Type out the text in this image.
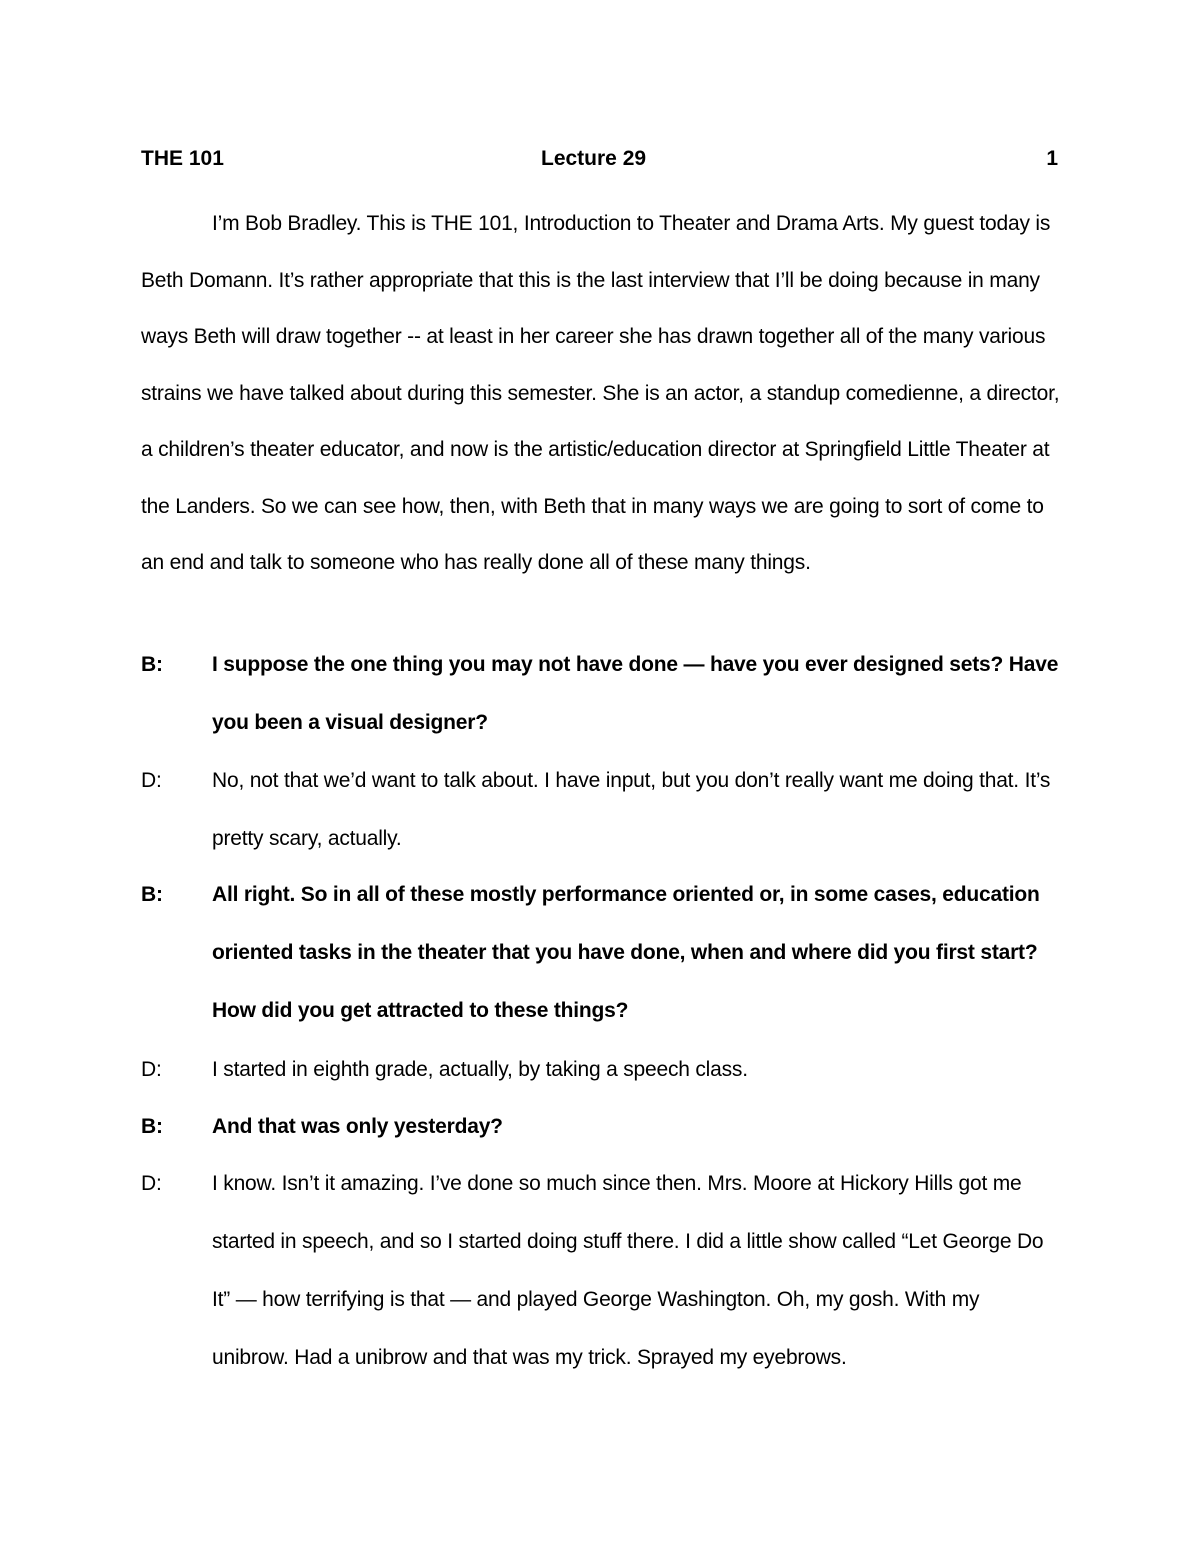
THE 101	Lecture 29	1

I’m Bob Bradley. This is THE 101, Introduction to Theater and Drama Arts. My guest today is Beth Domann. It’s rather appropriate that this is the last interview that I’ll be doing because in many ways Beth will draw together -- at least in her career she has drawn together all of the many various strains we have talked about during this semester. She is an actor, a standup comedienne, a director, a children’s theater educator, and now is the artistic/education director at Springfield Little Theater at the Landers. So we can see how, then, with Beth that in many ways we are going to sort of come to an end and talk to someone who has really done all of these many things.

B: I suppose the one thing you may not have done — have you ever designed sets? Have you been a visual designer?

D: No, not that we’d want to talk about. I have input, but you don’t really want me doing that. It’s pretty scary, actually.

B: All right. So in all of these mostly performance oriented or, in some cases, education oriented tasks in the theater that you have done, when and where did you first start? How did you get attracted to these things?

D: I started in eighth grade, actually, by taking a speech class.

B: And that was only yesterday?

D: I know. Isn’t it amazing. I’ve done so much since then. Mrs. Moore at Hickory Hills got me started in speech, and so I started doing stuff there. I did a little show called “Let George Do It” — how terrifying is that — and played George Washington. Oh, my gosh. With my unibrow. Had a unibrow and that was my trick. Sprayed my eyebrows.
